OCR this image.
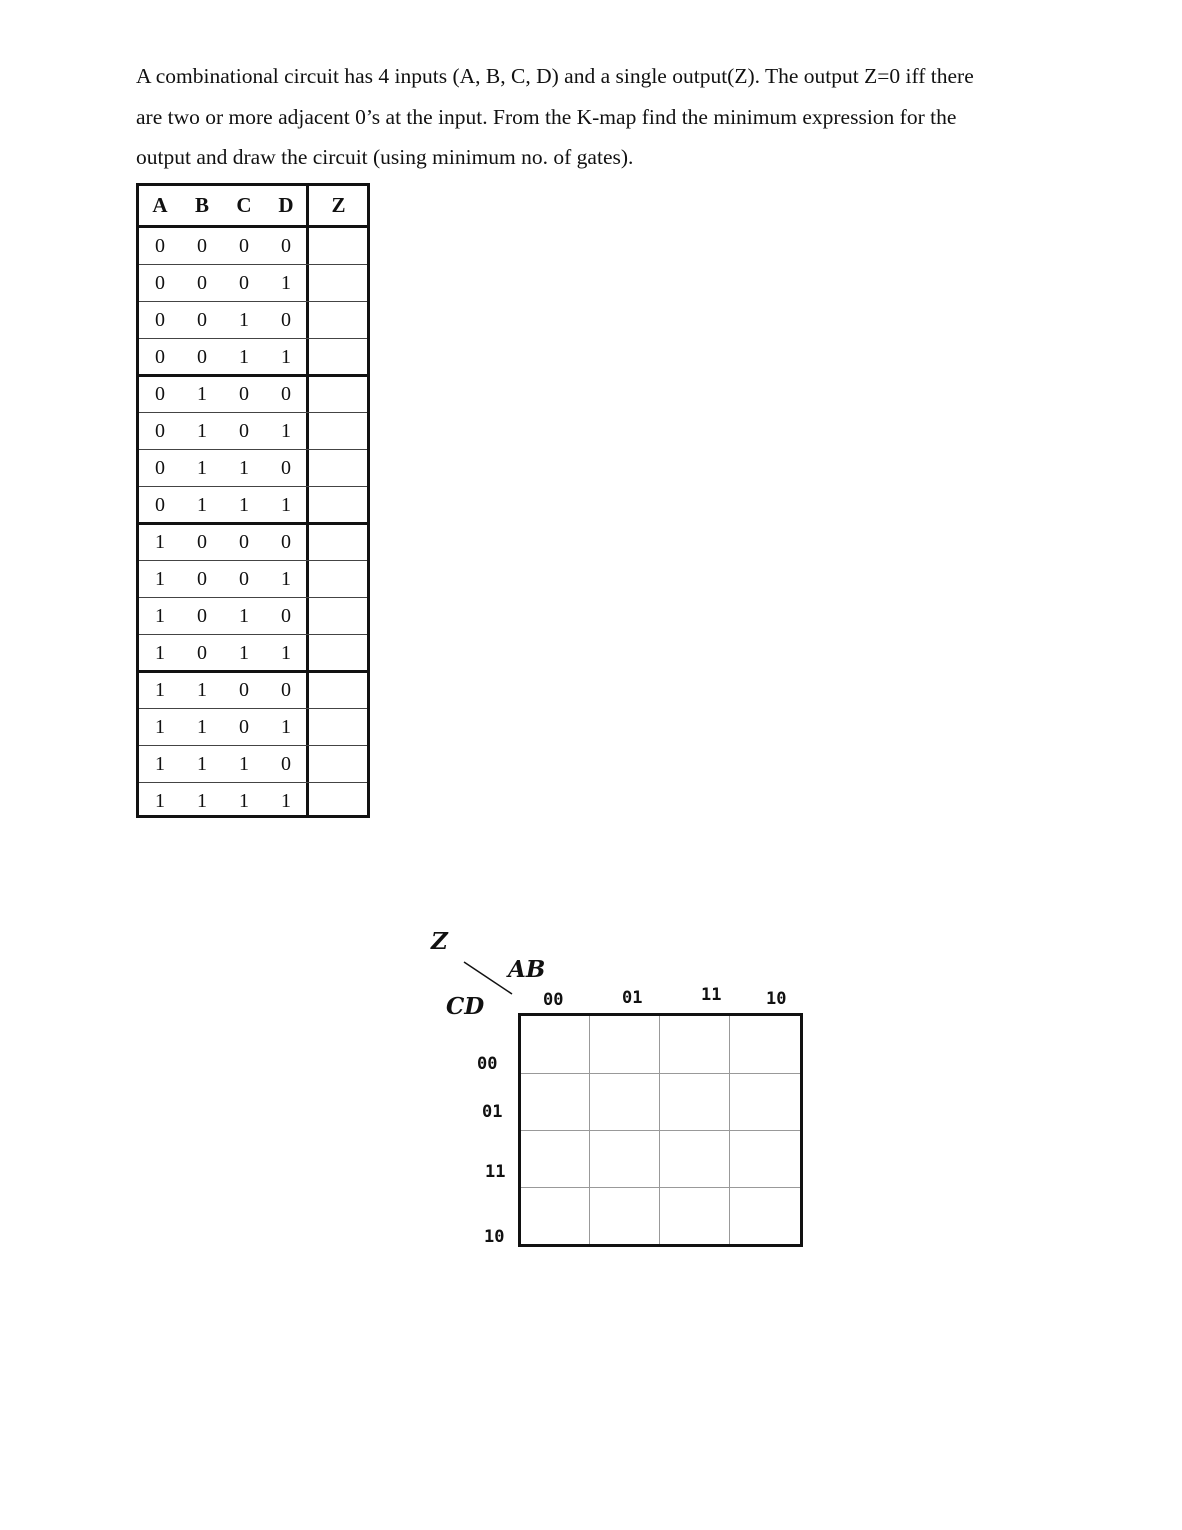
A combinational circuit has 4 inputs (A, B, C, D) and a single output(Z). The output Z=0 iff there
are two or more adjacent 0’s at the input. From the K-map find the minimum expression for the
output and draw the circuit (using minimum no. of gates).

A	B	C	D	Z
0	0	0	0
0	0	0	1
0	0	1	0
0	0	1	1
0	1	0	0
0	1	0	1
0	1	1	0
0	1	1	1
1	0	0	0
1	0	0	1
1	0	1	0
1	0	1	1
1	1	0	0
1	1	0	1
1	1	1	0
1	1	1	1
Z
AB
CD	00	01	11	10
00
01
11
10
